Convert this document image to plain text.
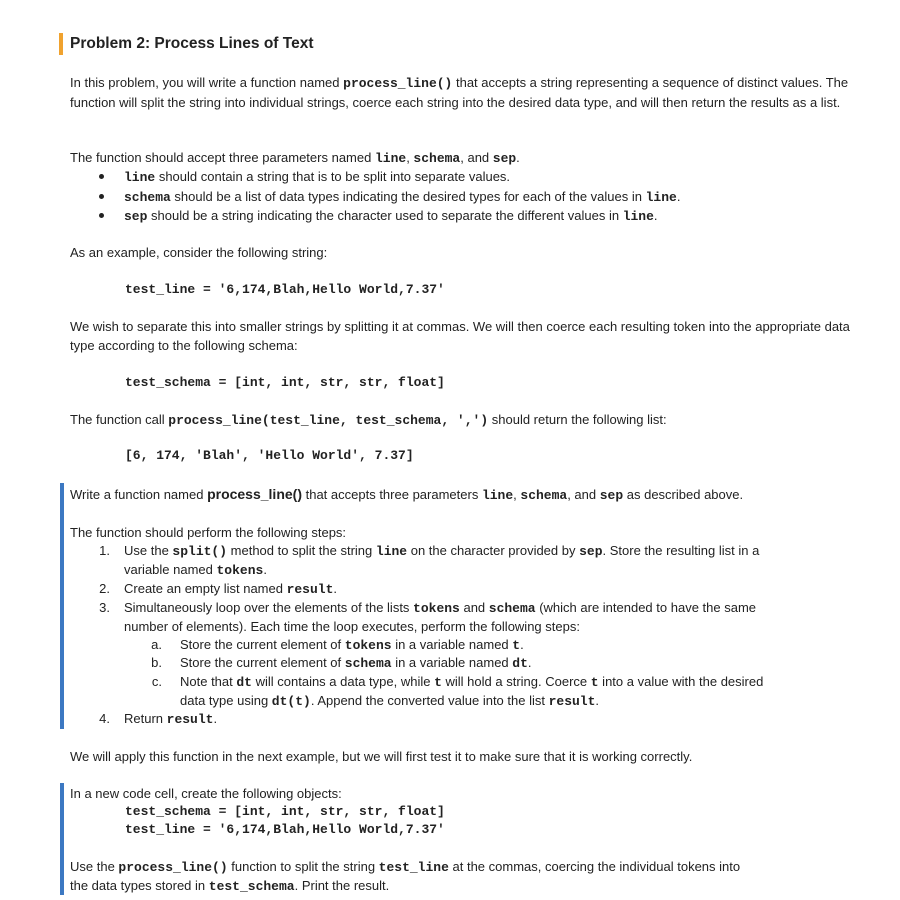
Problem 2: Process Lines of Text
In this problem, you will write a function named process_line() that accepts a string representing a sequence of distinct values. The function will split the string into individual strings, coerce each string into the desired data type, and will then return the results as a list.
The function should accept three parameters named line, schema, and sep.
line should contain a string that is to be split into separate values.
schema should be a list of data types indicating the desired types for each of the values in line.
sep should be a string indicating the character used to separate the different values in line.
As an example, consider the following string:
test_line = '6,174,Blah,Hello World,7.37'
We wish to separate this into smaller strings by splitting it at commas. We will then coerce each resulting token into the appropriate data type according to the following schema:
test_schema = [int, int, str, str, float]
The function call process_line(test_line, test_schema, ',') should return the following list:
[6, 174, 'Blah', 'Hello World', 7.37]
Write a function named process_line() that accepts three parameters line, schema, and sep as described above.
The function should perform the following steps:
1. Use the split() method to split the string line on the character provided by sep. Store the resulting list in a
variable named tokens.
2. Create an empty list named result.
3. Simultaneously loop over the elements of the lists tokens and schema (which are intended to have the same
number of elements). Each time the loop executes, perform the following steps:
a. Store the current element of tokens in a variable named t.
b. Store the current element of schema in a variable named dt.
c. Note that dt will contains a data type, while t will hold a string. Coerce t into a value with the desired
data type using dt(t). Append the converted value into the list result.
4. Return result.
We will apply this function in the next example, but we will first test it to make sure that it is working correctly.
In a new code cell, create the following objects:
test_schema = [int, int, str, str, float]
test_line = '6,174,Blah,Hello World,7.37'
Use the process_line() function to split the string test_line at the commas, coercing the individual tokens into
the data types stored in test_schema. Print the result.
